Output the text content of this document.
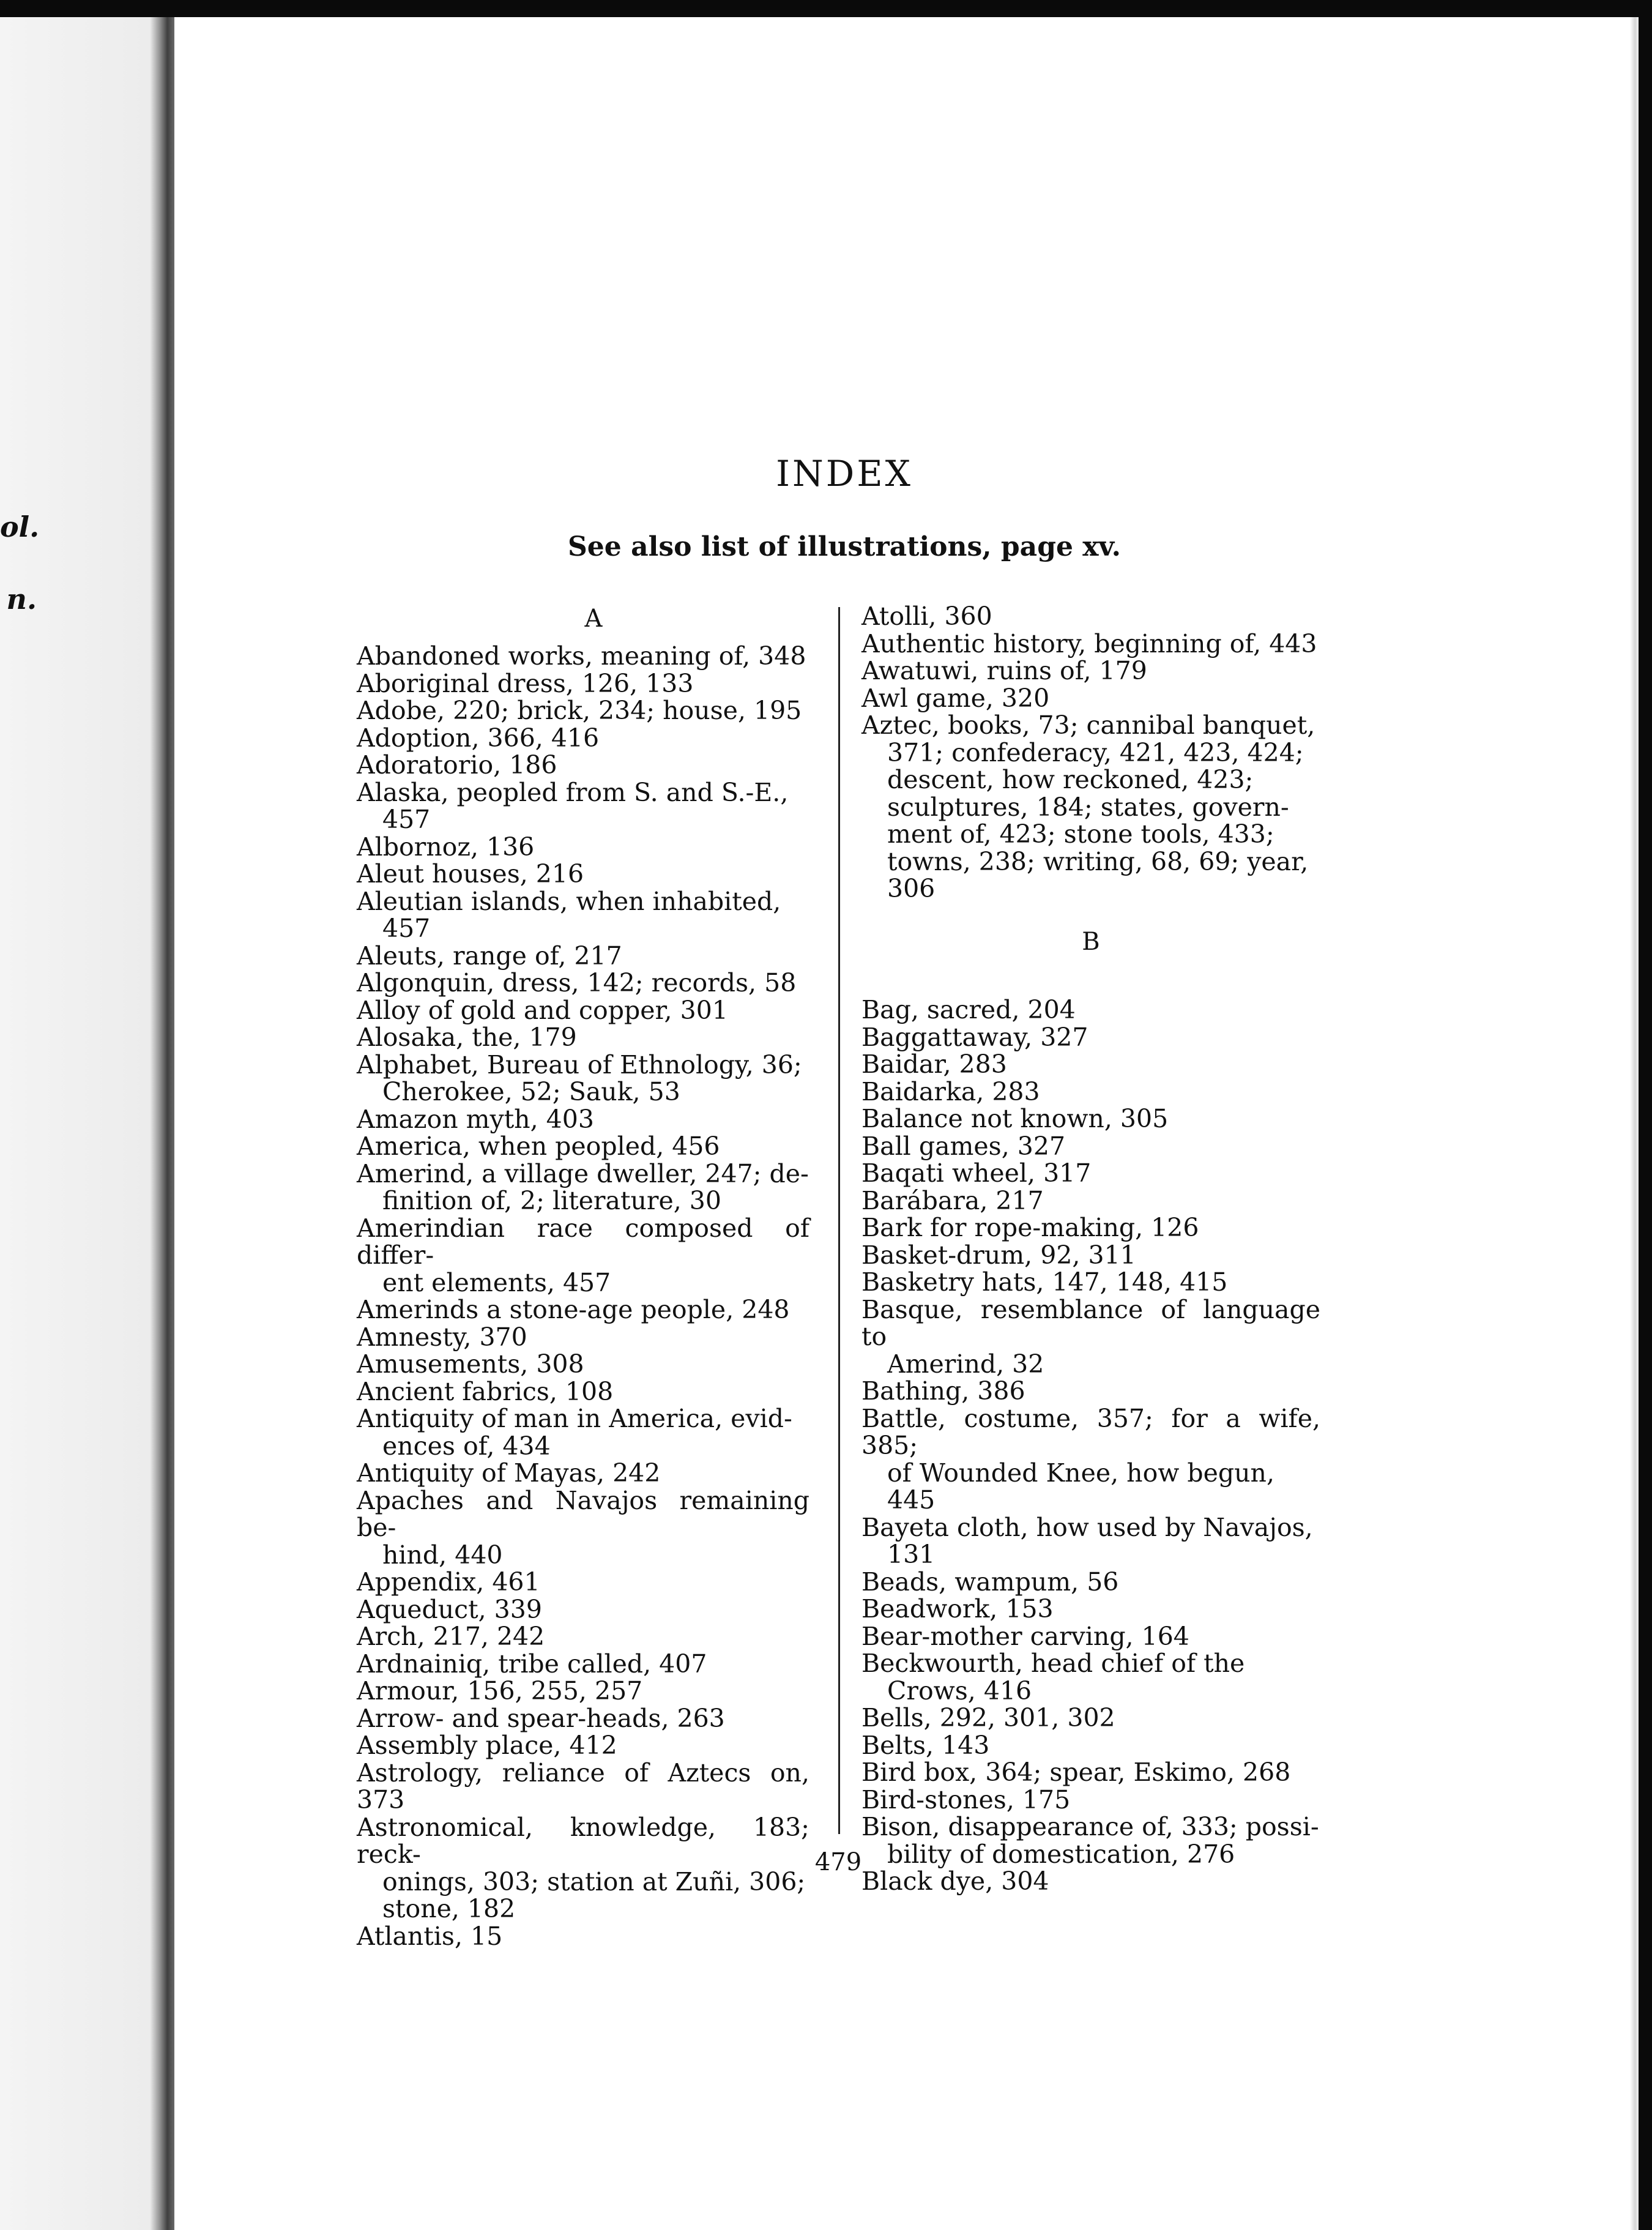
ol.
n.
INDEX
See also list of illustrations, page xv.
A
Abandoned works, meaning of, 348
Aboriginal dress, 126, 133
Adobe, 220; brick, 234; house, 195
Adoption, 366, 416
Adoratorio, 186
Alaska, peopled from S. and S.-E.,
457
Albornoz, 136
Aleut houses, 216
Aleutian islands, when inhabited,
457
Aleuts, range of, 217
Algonquin, dress, 142; records, 58
Alloy of gold and copper, 301
Alosaka, the, 179
Alphabet, Bureau of Ethnology, 36;
Cherokee, 52; Sauk, 53
Amazon myth, 403
America, when peopled, 456
Amerind, a village dweller, 247; de-
finition of, 2; literature, 30
Amerindian race composed of differ-
ent elements, 457
Amerinds a stone-age people, 248
Amnesty, 370
Amusements, 308
Ancient fabrics, 108
Antiquity of man in America, evid-
ences of, 434
Antiquity of Mayas, 242
Apaches and Navajos remaining be-
hind, 440
Appendix, 461
Aqueduct, 339
Arch, 217, 242
Ardnainiq, tribe called, 407
Armour, 156, 255, 257
Arrow- and spear-heads, 263
Assembly place, 412
Astrology, reliance of Aztecs on, 373
Astronomical, knowledge, 183; reck-
onings, 303; station at Zuñi, 306;
stone, 182
Atlantis, 15
Atolli, 360
Authentic history, beginning of, 443
Awatuwi, ruins of, 179
Awl game, 320
Aztec, books, 73; cannibal banquet,
371; confederacy, 421, 423, 424;
descent, how reckoned, 423;
sculptures, 184; states, govern-
ment of, 423; stone tools, 433;
towns, 238; writing, 68, 69; year,
306
B
Bag, sacred, 204
Baggattaway, 327
Baidar, 283
Baidarka, 283
Balance not known, 305
Ball games, 327
Baqati wheel, 317
Barábara, 217
Bark for rope-making, 126
Basket-drum, 92, 311
Basketry hats, 147, 148, 415
Basque, resemblance of language to
Amerind, 32
Bathing, 386
Battle, costume, 357; for a wife, 385;
of Wounded Knee, how begun,
445
Bayeta cloth, how used by Navajos,
131
Beads, wampum, 56
Beadwork, 153
Bear-mother carving, 164
Beckwourth, head chief of the
Crows, 416
Bells, 292, 301, 302
Belts, 143
Bird box, 364; spear, Eskimo, 268
Bird-stones, 175
Bison, disappearance of, 333; possi-
bility of domestication, 276
Black dye, 304
479
